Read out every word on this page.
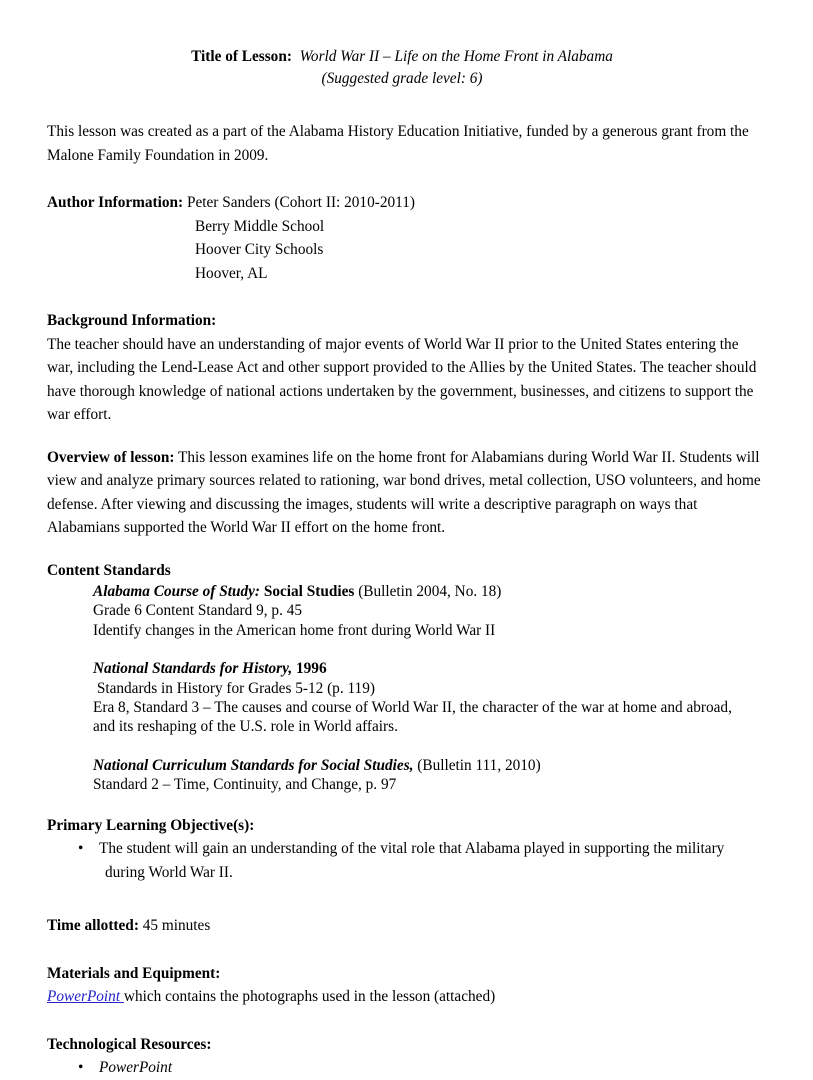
Title of Lesson: World War II – Life on the Home Front in Alabama
(Suggested grade level: 6)

This lesson was created as a part of the Alabama History Education Initiative, funded by a generous grant from the Malone Family Foundation in 2009.

Author Information: Peter Sanders (Cohort II: 2010-2011)
Berry Middle School
Hoover City Schools
Hoover, AL

Background Information:

The teacher should have an understanding of major events of World War II prior to the United States entering the war, including the Lend-Lease Act and other support provided to the Allies by the United States. The teacher should have thorough knowledge of national actions undertaken by the government, businesses, and citizens to support the war effort.

Overview of lesson: This lesson examines life on the home front for Alabamians during World War II. Students will view and analyze primary sources related to rationing, war bond drives, metal collection, USO volunteers, and home defense. After viewing and discussing the images, students will write a descriptive paragraph on ways that Alabamians supported the World War II effort on the home front.

Content Standards

Alabama Course of Study: Social Studies (Bulletin 2004, No. 18)
Grade 6 Content Standard 9, p. 45
Identify changes in the American home front during World War II
National Standards for History, 1996
Standards in History for Grades 5-12 (p. 119)
Era 8, Standard 3 – The causes and course of World War II, the character of the war at home and abroad,
and its reshaping of the U.S. role in World affairs.
National Curriculum Standards for Social Studies, (Bulletin 111, 2010)
Standard 2 – Time, Continuity, and Change, p. 97

Primary Learning Objective(s):

• The student will gain an understanding of the vital role that Alabama played in supporting the military
during World War II.

Time allotted: 45 minutes

Materials and Equipment:

PowerPoint which contains the photographs used in the lesson (attached)

Technological Resources:

• PowerPoint
